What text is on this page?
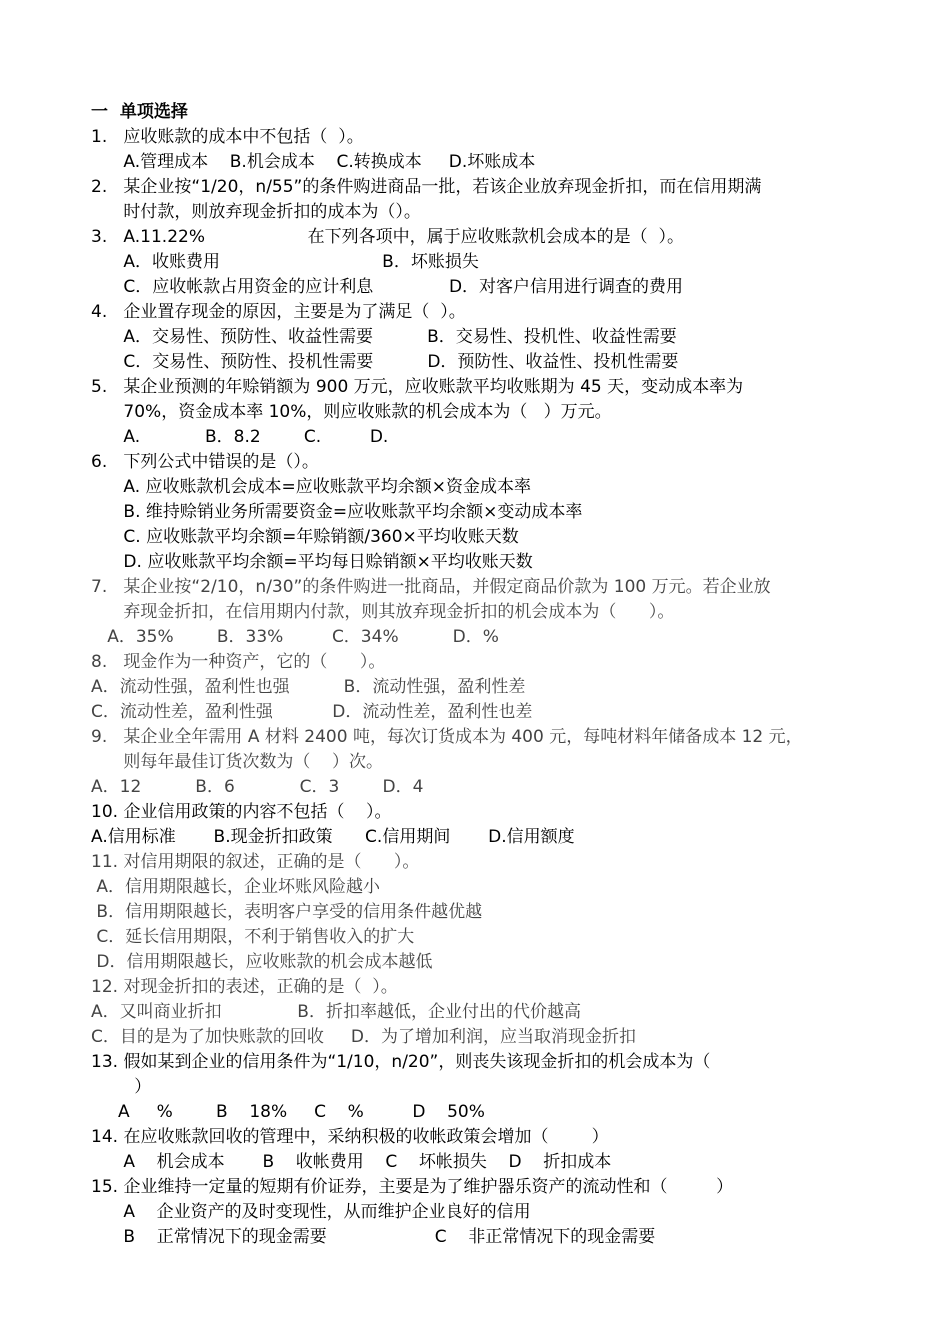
一  单项选择
1.   应收账款的成本中不包括（  ）。
A.管理成本    B.机会成本    C.转换成本     D.坏账成本
2.   某企业按“1/20，n/55”的条件购进商品一批，若该企业放弃现金折扣，而在信用期满
时付款，则放弃现金折扣的成本为（）。
3.   A.11.22%                   在下列各项中，属于应收账款机会成本的是（  ）。
A．收账费用                              B．坏账损失
C．应收帐款占用资金的应计利息              D．对客户信用进行调查的费用
4.   企业置存现金的原因，主要是为了满足（  ）。
A．交易性、预防性、收益性需要          B．交易性、投机性、收益性需要
C．交易性、预防性、投机性需要          D．预防性、收益性、投机性需要
5.   某企业预测的年赊销额为 900 万元，应收账款平均收账期为 45 天，变动成本率为
70%，资金成本率 10%，则应收账款的机会成本为（   ）万元。
A.            B．8.2        C.         D.
6.   下列公式中错误的是（）。
A. 应收账款机会成本=应收账款平均余额×资金成本率
B. 维持赊销业务所需要资金=应收账款平均余额×变动成本率
C. 应收账款平均余额=年赊销额/360×平均收账天数
D. 应收账款平均余额=平均每日赊销额×平均收账天数
7.   某企业按“2/10，n/30”的条件购进一批商品，并假定商品价款为 100 万元。若企业放
弃现金折扣，在信用期内付款，则其放弃现金折扣的机会成本为（      ）。
A．35%        B．33%         C．34%          D．%
8.   现金作为一种资产，它的（      ）。
A．流动性强，盈利性也强          B．流动性强，盈利性差
C．流动性差，盈利性强           D．流动性差，盈利性也差
9.   某企业全年需用 A 材料 2400 吨，每次订货成本为 400 元，每吨材料年储备成本 12 元，
则每年最佳订货次数为（    ）次。
A．12          B．6            C．3        D．4
10. 企业信用政策的内容不包括（    ）。
A.信用标准       B.现金折扣政策      C.信用期间       D.信用额度
11. 对信用期限的叙述，正确的是（      ）。
A．信用期限越长，企业坏账风险越小
B．信用期限越长，表明客户享受的信用条件越优越
C．延长信用期限，不利于销售收入的扩大
D．信用期限越长，应收账款的机会成本越低
12. 对现金折扣的表述，正确的是（  ）。
A．又叫商业折扣              B．折扣率越低，企业付出的代价越高
C．目的是为了加快账款的回收     D．为了增加利润，应当取消现金折扣
13. 假如某到企业的信用条件为“1/10，n/20”，则丧失该现金折扣的机会成本为（
）
A     %        B    18%     C    %         D    50%
14. 在应收账款回收的管理中，采纳积极的收帐政策会增加（        ）
A    机会成本       B    收帐费用    C    坏帐损失    D    折扣成本
15. 企业维持一定量的短期有价证券，主要是为了维护器乐资产的流动性和（         ）
A    企业资产的及时变现性，从而维护企业良好的信用
B    正常情况下的现金需要                    C    非正常情况下的现金需要
